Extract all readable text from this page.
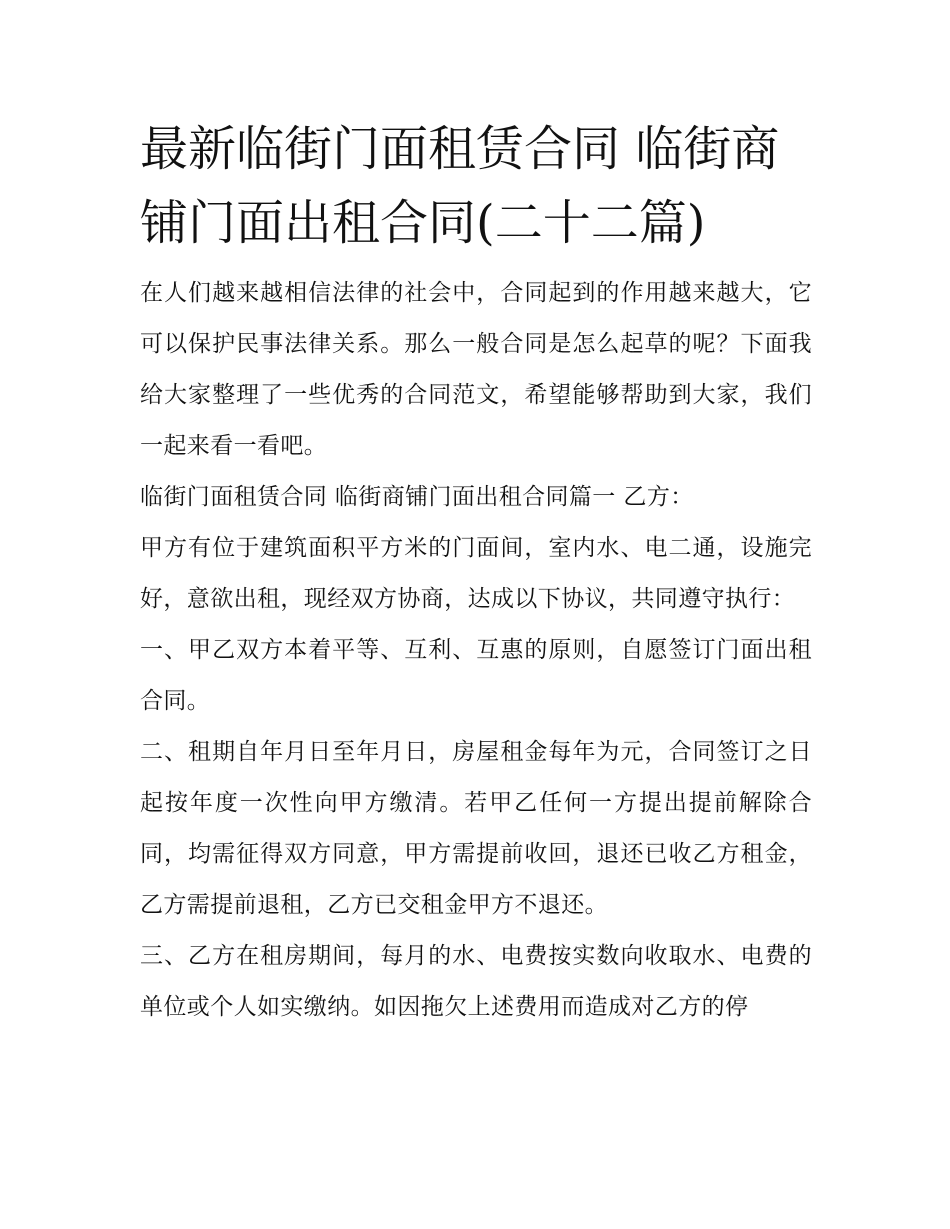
最新临街门面租赁合同 临街商
铺门面出租合同(二十二篇)

在人们越来越相信法律的社会中，合同起到的作用越来越大，它可以保护民事法律关系。那么一般合同是怎么起草的呢？下面我给大家整理了一些优秀的合同范文，希望能够帮助到大家，我们一起来看一看吧。

临街门面租赁合同 临街商铺门面出租合同篇一 乙方：

甲方有位于建筑面积平方米的门面间，室内水、电二通，设施完好，意欲出租，现经双方协商，达成以下协议，共同遵守执行：

一、甲乙双方本着平等、互利、互惠的原则，自愿签订门面出租合同。

二、租期自年月日至年月日，房屋租金每年为元，合同签订之日起按年度一次性向甲方缴清。若甲乙任何一方提出提前解除合同，均需征得双方同意，甲方需提前收回，退还已收乙方租金，乙方需提前退租，乙方已交租金甲方不退还。

三、乙方在租房期间，每月的水、电费按实数向收取水、电费的单位或个人如实缴纳。如因拖欠上述费用而造成对乙方的停
